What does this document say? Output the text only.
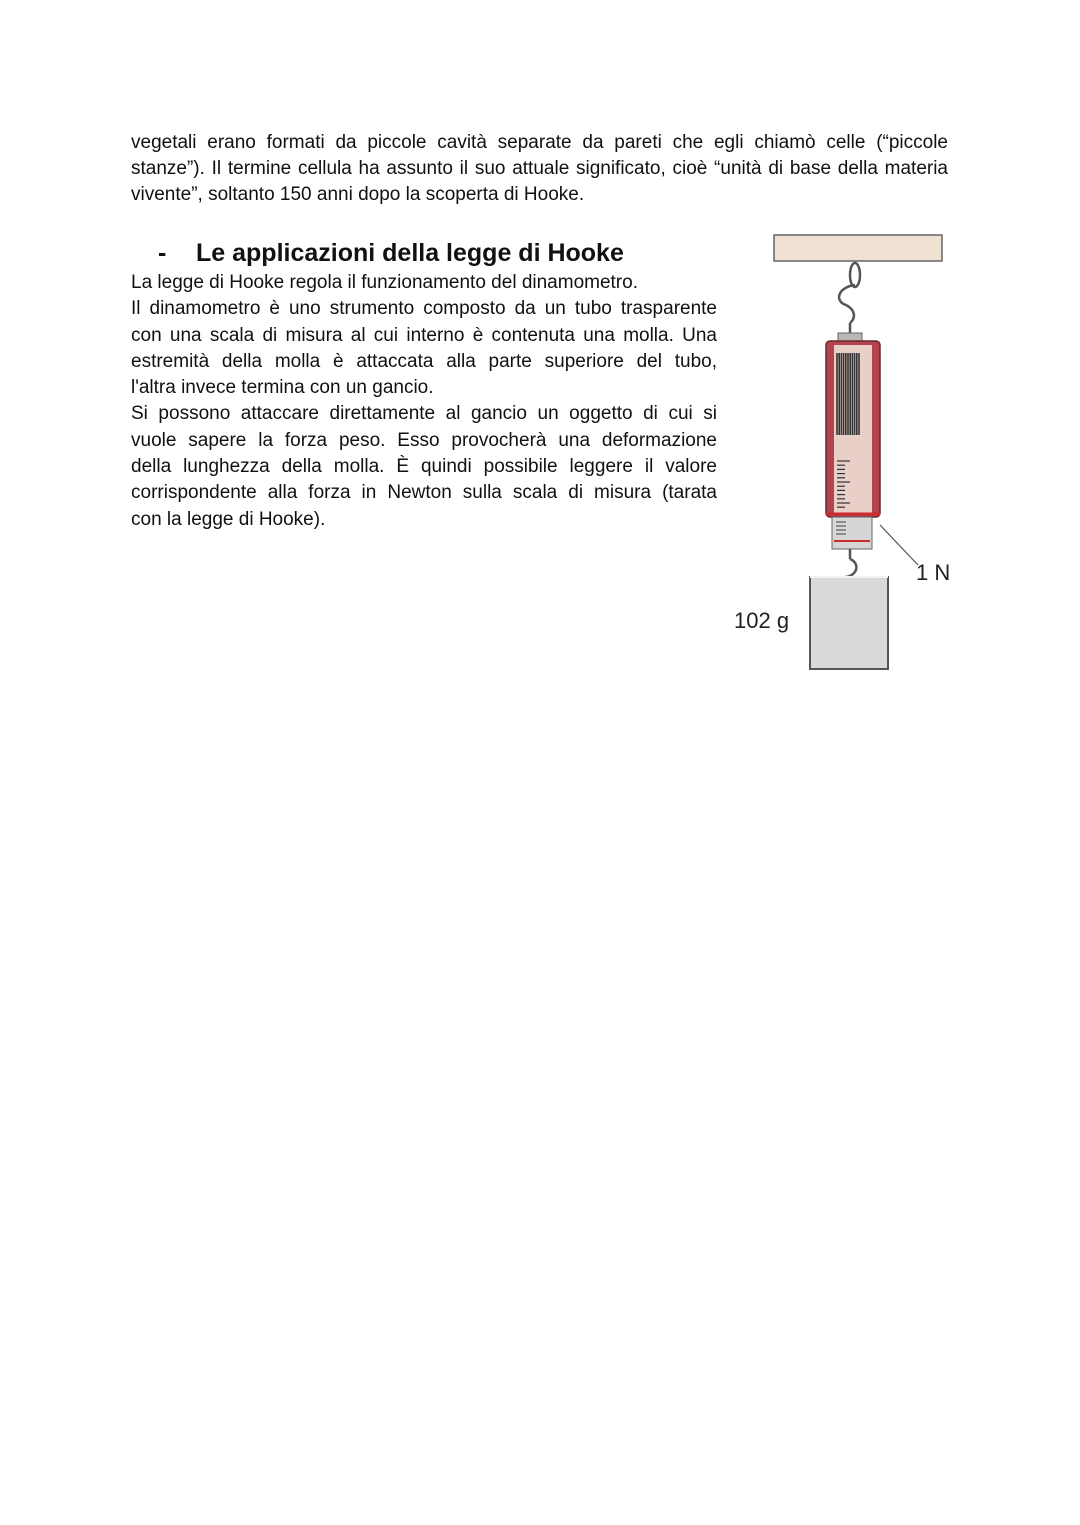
vegetali erano formati da piccole cavità separate da pareti che egli chiamò celle (“piccole stanze”). Il termine cellula ha assunto il suo attuale significato, cioè “unità di base della materia vivente”, soltanto 150 anni dopo la scoperta di Hooke.

- Le applicazioni della legge di Hooke

La legge di Hooke regola il funzionamento del dinamometro.
Il dinamometro è uno strumento composto da un tubo trasparente
con una scala di misura al cui interno è contenuta una molla. Una
estremità della molla è attaccata alla parte superiore del tubo,
l'altra invece termina con un gancio.
Si possono attaccare direttamente al gancio un oggetto di cui si
vuole sapere la forza peso. Esso provocherà una deformazione
della lunghezza della molla. È quindi possibile leggere il valore
corrispondente alla forza in Newton sulla scala di misura (tarata
con la legge di Hooke).

1 N
102 g
